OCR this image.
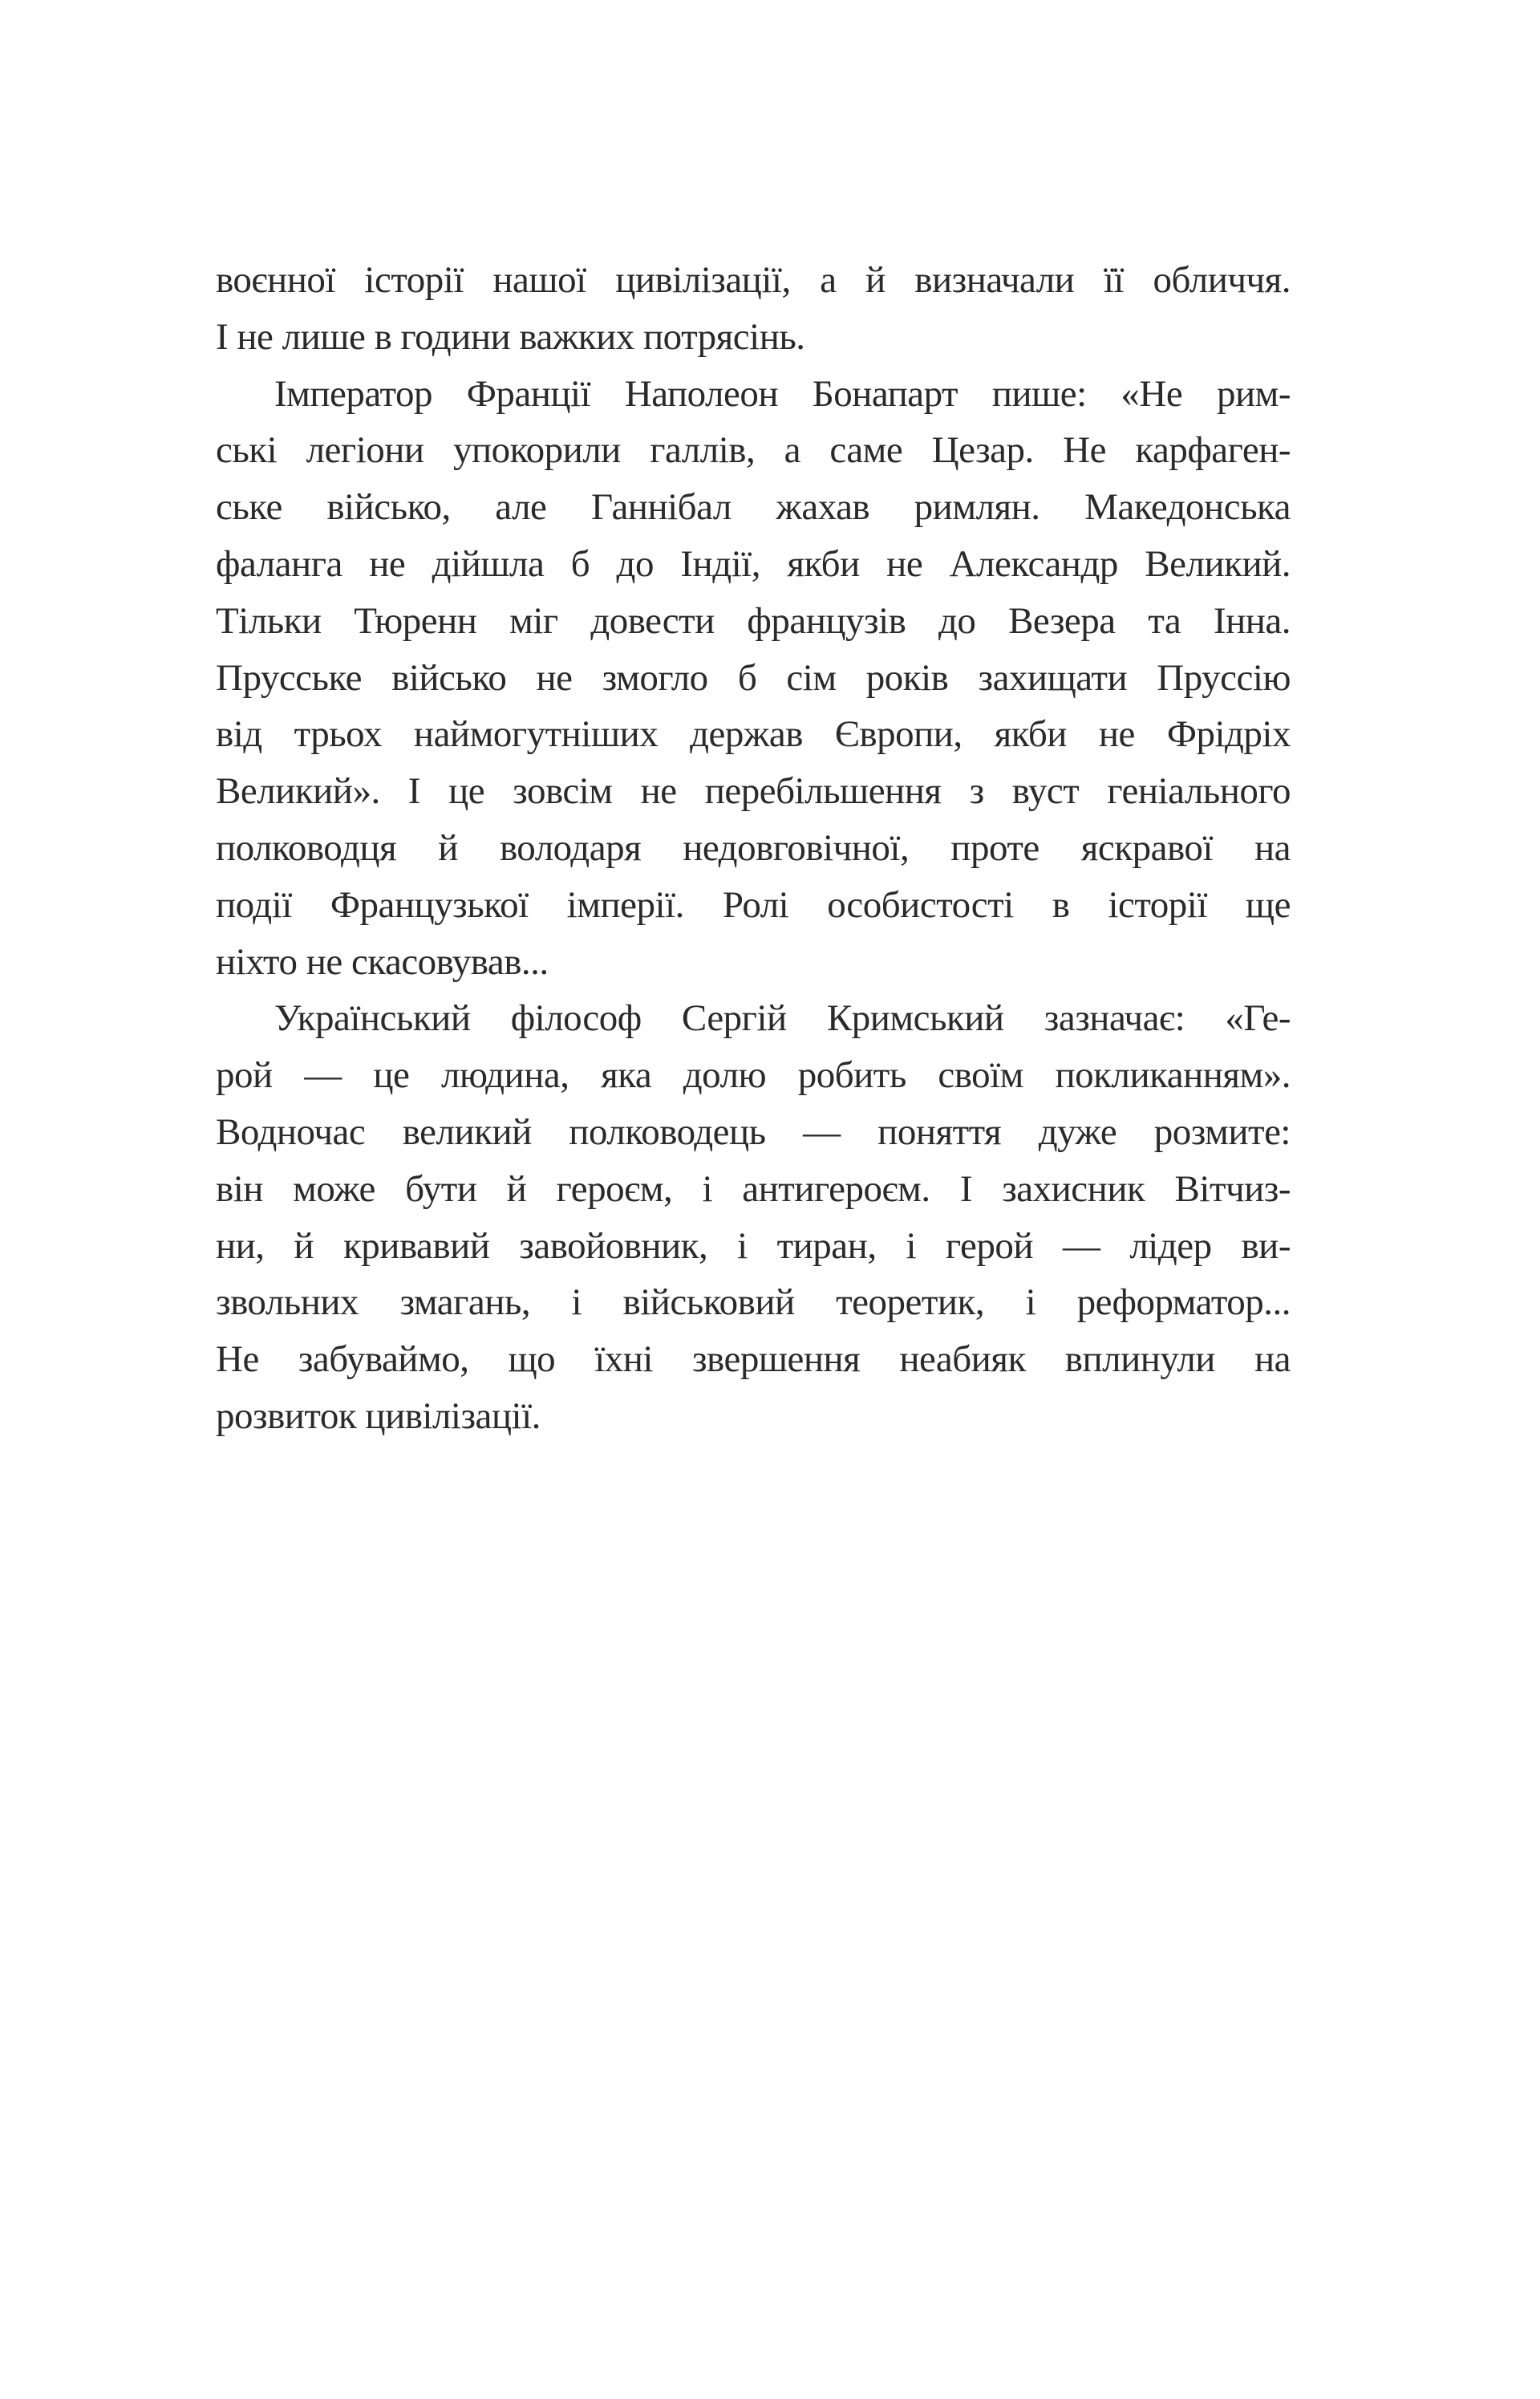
воєнної історії нашої цивілізації, а й визначали її обличчя.
І не лише в години важких потрясінь.
Імператор Франції Наполеон Бонапарт пише: «Не рим-
ські легіони упокорили галлів, а саме Цезар. Не карфаген-
ське військо, але Ганнібал жахав римлян. Македонська
фаланга не дійшла б до Індії, якби не Александр Великий.
Тільки Тюренн міг довести французів до Везера та Інна.
Прусське військо не змогло б сім років захищати Пруссію
від трьох наймогутніших держав Європи, якби не Фрідріх
Великий». І це зовсім не перебільшення з вуст геніального
полководця й володаря недовговічної, проте яскравої на
події Французької імперії. Ролі особистості в історії ще
ніхто не скасовував...
Український філософ Сергій Кримський зазначає: «Ге-
рой — це людина, яка долю робить своїм покликанням».
Водночас великий полководець — поняття дуже розмите:
він може бути й героєм, і антигероєм. І захисник Вітчиз-
ни, й кривавий завойовник, і тиран, і герой — лідер ви-
звольних змагань, і військовий теоретик, і реформатор...
Не забуваймо, що їхні звершення неабияк вплинули на
розвиток цивілізації.
